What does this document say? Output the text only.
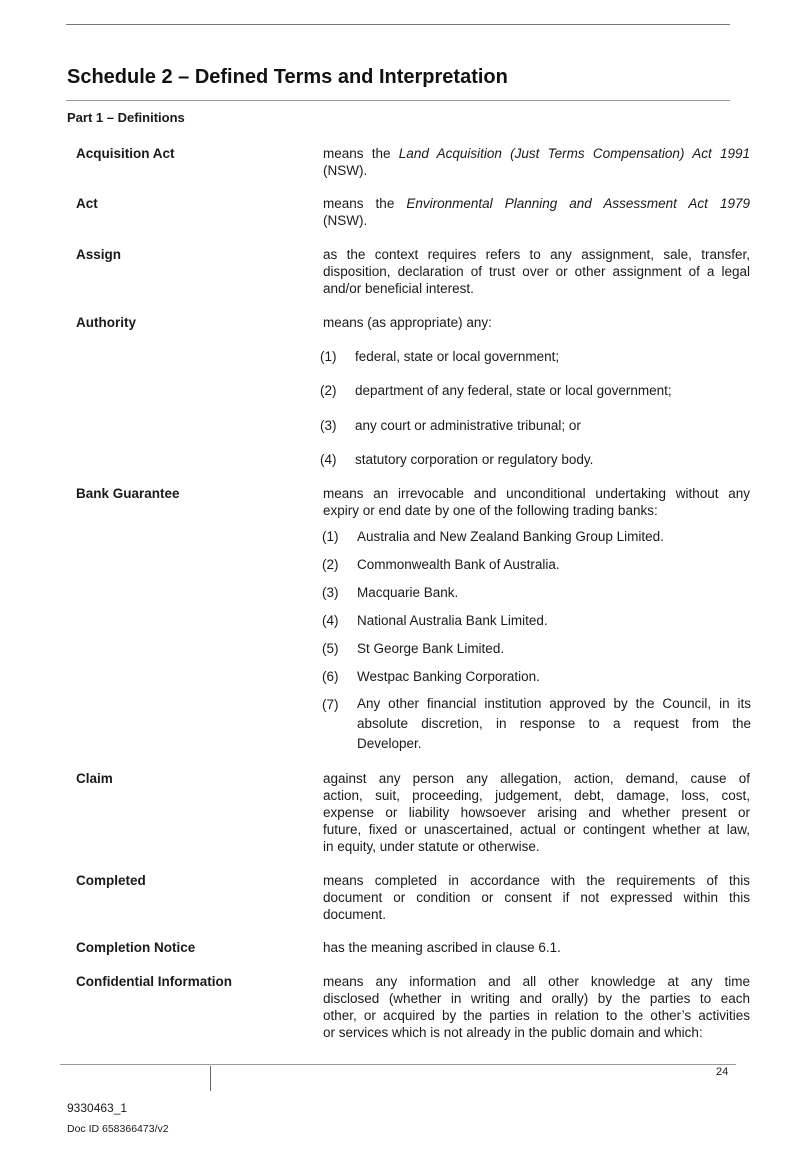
Schedule 2 – Defined Terms and Interpretation
Part 1 – Definitions
Acquisition Act	means the Land Acquisition (Just Terms Compensation) Act 1991
(NSW).
Act	means the Environmental Planning and Assessment Act 1979
(NSW).
Assign	as the context requires refers to any assignment, sale, transfer,
disposition, declaration of trust over or other assignment of a legal
and/or beneficial interest.
Authority	means (as appropriate) any:
(1) federal, state or local government;
(2) department of any federal, state or local government;
(3) any court or administrative tribunal; or
(4) statutory corporation or regulatory body.
Bank Guarantee	means an irrevocable and unconditional undertaking without any
expiry or end date by one of the following trading banks:
(1) Australia and New Zealand Banking Group Limited.
(2) Commonwealth Bank of Australia.
(3) Macquarie Bank.
(4) National Australia Bank Limited.
(5) St George Bank Limited.
(6) Westpac Banking Corporation.
(7) Any other financial institution approved by the Council, in its
absolute discretion, in response to a request from the
Developer.
Claim	against any person any allegation, action, demand, cause of
action, suit, proceeding, judgement, debt, damage, loss, cost,
expense or liability howsoever arising and whether present or
future, fixed or unascertained, actual or contingent whether at law,
in equity, under statute or otherwise.
Completed	means completed in accordance with the requirements of this
document or condition or consent if not expressed within this
document.
Completion Notice	has the meaning ascribed in clause 6.1.
Confidential Information	means any information and all other knowledge at any time
disclosed (whether in writing and orally) by the parties to each
other, or acquired by the parties in relation to the other’s activities
or services which is not already in the public domain and which:
24
9330463_1
Doc ID 658366473/v2
